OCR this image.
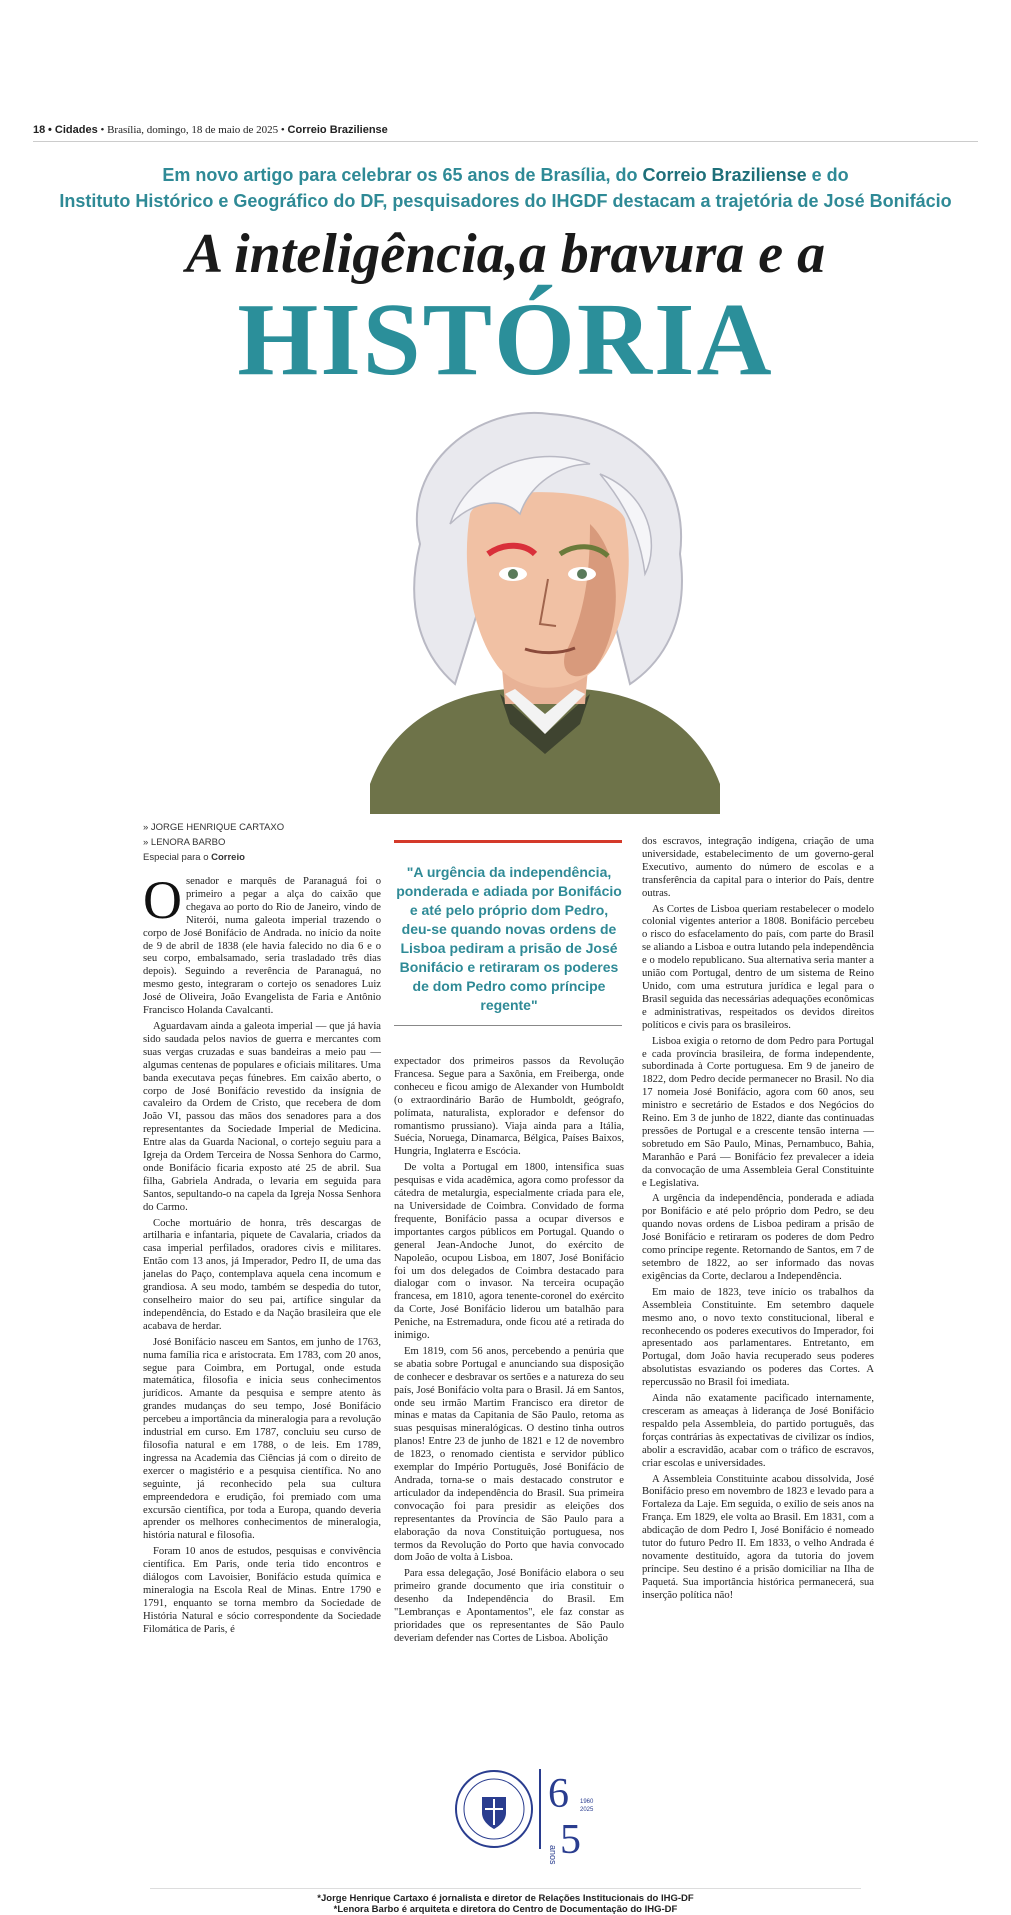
18 • Cidades • Brasília, domingo, 18 de maio de 2025 • Correio Braziliense
Em novo artigo para celebrar os 65 anos de Brasília, do Correio Braziliense e do
Instituto Histórico e Geográfico do DF, pesquisadores do IHGDF destacam a trajetória de José Bonifácio
A inteligência,a bravura e a
HISTÓRIA
» JORGE HENRIQUE CARTAXO
» LENORA BARBO
Especial para o Correio

Osenador e marquês de Paranaguá foi o primeiro a pegar a alça do caixão que chegava ao porto do Rio de Janeiro, vindo de Niterói, numa galeota imperial trazendo o corpo de José Bonifácio de Andrada. no início da noite de 9 de abril de 1838 (ele havia falecido no dia 6 e o seu corpo, embalsamado, seria trasladado três dias depois). Seguindo a reverência de Paranaguá, no mesmo gesto, integraram o cortejo os senadores Luiz José de Oliveira, João Evangelista de Faria e Antônio Francisco Holanda Cavalcanti.

Aguardavam ainda a galeota imperial — que já havia sido saudada pelos navios de guerra e mercantes com suas vergas cruzadas e suas bandeiras a meio pau — algumas centenas de populares e oficiais militares. Uma banda executava peças fúnebres. Em caixão aberto, o corpo de José Bonifácio revestido da insígnia de cavaleiro da Ordem de Cristo, que recebera de dom João VI, passou das mãos dos senadores para a dos representantes da Sociedade Imperial de Medicina. Entre alas da Guarda Nacional, o cortejo seguiu para a Igreja da Ordem Terceira de Nossa Senhora do Carmo, onde Bonifácio ficaria exposto até 25 de abril. Sua filha, Gabriela Andrada, o levaria em seguida para Santos, sepultando-o na capela da Igreja Nossa Senhora do Carmo.

Coche mortuário de honra, três descargas de artilharia e infantaria, piquete de Cavalaria, criados da casa imperial perfilados, oradores civis e militares. Então com 13 anos, já Imperador, Pedro II, de uma das janelas do Paço, contemplava aquela cena incomum e grandiosa. A seu modo, também se despedia do tutor, conselheiro maior do seu pai, artífice singular da independência, do Estado e da Nação brasileira que ele acabava de herdar.

José Bonifácio nasceu em Santos, em junho de 1763, numa família rica e aristocrata. Em 1783, com 20 anos, segue para Coimbra, em Portugal, onde estuda matemática, filosofia e inicia seus conhecimentos jurídicos. Amante da pesquisa e sempre atento às grandes mudanças do seu tempo, José Bonifácio percebeu a importância da mineralogia para a revolução industrial em curso. Em 1787, concluiu seu curso de filosofia natural e em 1788, o de leis. Em 1789, ingressa na Academia das Ciências já com o direito de exercer o magistério e a pesquisa científica. No ano seguinte, já reconhecido pela sua cultura empreendedora e erudição, foi premiado com uma excursão científica, por toda a Europa, quando deveria aprender os melhores conhecimentos de mineralogia, história natural e filosofia.

Foram 10 anos de estudos, pesquisas e convivência científica. Em Paris, onde teria tido encontros e diálogos com Lavoisier, Bonifácio estuda química e mineralogia na Escola Real de Minas. Entre 1790 e 1791, enquanto se torna membro da Sociedade de História Natural e sócio correspondente da Sociedade Filomática de Paris, é

"A urgência da independência, ponderada e adiada por Bonifácio e até pelo próprio dom Pedro, deu-se quando novas ordens de Lisboa pediram a prisão de José Bonifácio e retiraram os poderes de dom Pedro como príncipe regente"

expectador dos primeiros passos da Revolução Francesa. Segue para a Saxônia, em Freiberga, onde conheceu e ficou amigo de Alexander von Humboldt (o extraordinário Barão de Humboldt, geógrafo, polímata, naturalista, explorador e defensor do romantismo prussiano). Viaja ainda para a Itália, Suécia, Noruega, Dinamarca, Bélgica, Países Baixos, Hungria, Inglaterra e Escócia.

De volta a Portugal em 1800, intensifica suas pesquisas e vida acadêmica, agora como professor da cátedra de metalurgia, especialmente criada para ele, na Universidade de Coimbra. Convidado de forma frequente, Bonifácio passa a ocupar diversos e importantes cargos públicos em Portugal. Quando o general Jean-Andoche Junot, do exército de Napoleão, ocupou Lisboa, em 1807, José Bonifácio foi um dos delegados de Coimbra destacado para dialogar com o invasor. Na terceira ocupação francesa, em 1810, agora tenente-coronel do exército da Corte, José Bonifácio liderou um batalhão para Peniche, na Estremadura, onde ficou até a retirada do inimigo.

Em 1819, com 56 anos, percebendo a penúria que se abatia sobre Portugal e anunciando sua disposição de conhecer e desbravar os sertões e a natureza do seu país, José Bonifácio volta para o Brasil. Já em Santos, onde seu irmão Martim Francisco era diretor de minas e matas da Capitania de São Paulo, retoma as suas pesquisas mineralógicas. O destino tinha outros planos! Entre 23 de junho de 1821 e 12 de novembro de 1823, o renomado cientista e servidor público exemplar do Império Português, José Bonifácio de Andrada, torna-se o mais destacado construtor e articulador da independência do Brasil. Sua primeira convocação foi para presidir as eleições dos representantes da Província de São Paulo para a elaboração da nova Constituição portuguesa, nos termos da Revolução do Porto que havia convocado dom João de volta à Lisboa.

Para essa delegação, José Bonifácio elabora o seu primeiro grande documento que iria constituir o desenho da Independência do Brasil. Em "Lembranças e Apontamentos", ele faz constar as prioridades que os representantes de São Paulo deveriam defender nas Cortes de Lisboa. Abolição

dos escravos, integração indígena, criação de uma universidade, estabelecimento de um governo-geral Executivo, aumento do número de escolas e a transferência da capital para o interior do País, dentre outras.

As Cortes de Lisboa queriam restabelecer o modelo colonial vigentes anterior a 1808. Bonifácio percebeu o risco do esfacelamento do país, com parte do Brasil se aliando a Lisboa e outra lutando pela independência e o modelo republicano. Sua alternativa seria manter a união com Portugal, dentro de um sistema de Reino Unido, com uma estrutura jurídica e legal para o Brasil seguida das necessárias adequações econômicas e administrativas, respeitados os devidos direitos políticos e civis para os brasileiros.

Lisboa exigia o retorno de dom Pedro para Portugal e cada província brasileira, de forma independente, subordinada à Corte portuguesa. Em 9 de janeiro de 1822, dom Pedro decide permanecer no Brasil. No dia 17 nomeia José Bonifácio, agora com 60 anos, seu ministro e secretário de Estados e dos Negócios do Reino. Em 3 de junho de 1822, diante das continuadas pressões de Portugal e a crescente tensão interna — sobretudo em São Paulo, Minas, Pernambuco, Bahia, Maranhão e Pará — Bonifácio fez prevalecer a ideia da convocação de uma Assembleia Geral Constituinte e Legislativa.

A urgência da independência, ponderada e adiada por Bonifácio e até pelo próprio dom Pedro, se deu quando novas ordens de Lisboa pediram a prisão de José Bonifácio e retiraram os poderes de dom Pedro como príncipe regente. Retornando de Santos, em 7 de setembro de 1822, ao ser informado das novas exigências da Corte, declarou a Independência.

Em maio de 1823, teve início os trabalhos da Assembleia Constituinte. Em setembro daquele mesmo ano, o novo texto constitucional, liberal e reconhecendo os poderes executivos do Imperador, foi apresentado aos parlamentares. Entretanto, em Portugal, dom João havia recuperado seus poderes absolutistas esvaziando os poderes das Cortes. A repercussão no Brasil foi imediata.

Ainda não exatamente pacificado internamente, cresceram as ameaças à liderança de José Bonifácio respaldo pela Assembleia, do partido português, das forças contrárias às expectativas de civilizar os índios, abolir a escravidão, acabar com o tráfico de escravos, criar escolas e universidades.

A Assembleia Constituinte acabou dissolvida, José Bonifácio preso em novembro de 1823 e levado para a Fortaleza da Laje. Em seguida, o exílio de seis anos na França. Em 1829, ele volta ao Brasil. Em 1831, com a abdicação de dom Pedro I, José Bonifácio é nomeado tutor do futuro Pedro II. Em 1833, o velho Andrada é novamente destituído, agora da tutoria do jovem príncipe. Seu destino é a prisão domiciliar na Ilha de Paquetá. Sua importância histórica permanecerá, sua inserção política não!

6
5
anos
1960
2025
*Jorge Henrique Cartaxo é jornalista e diretor de Relações Institucionais do IHG-DF
*Lenora Barbo é arquiteta e diretora do Centro de Documentação do IHG-DF
